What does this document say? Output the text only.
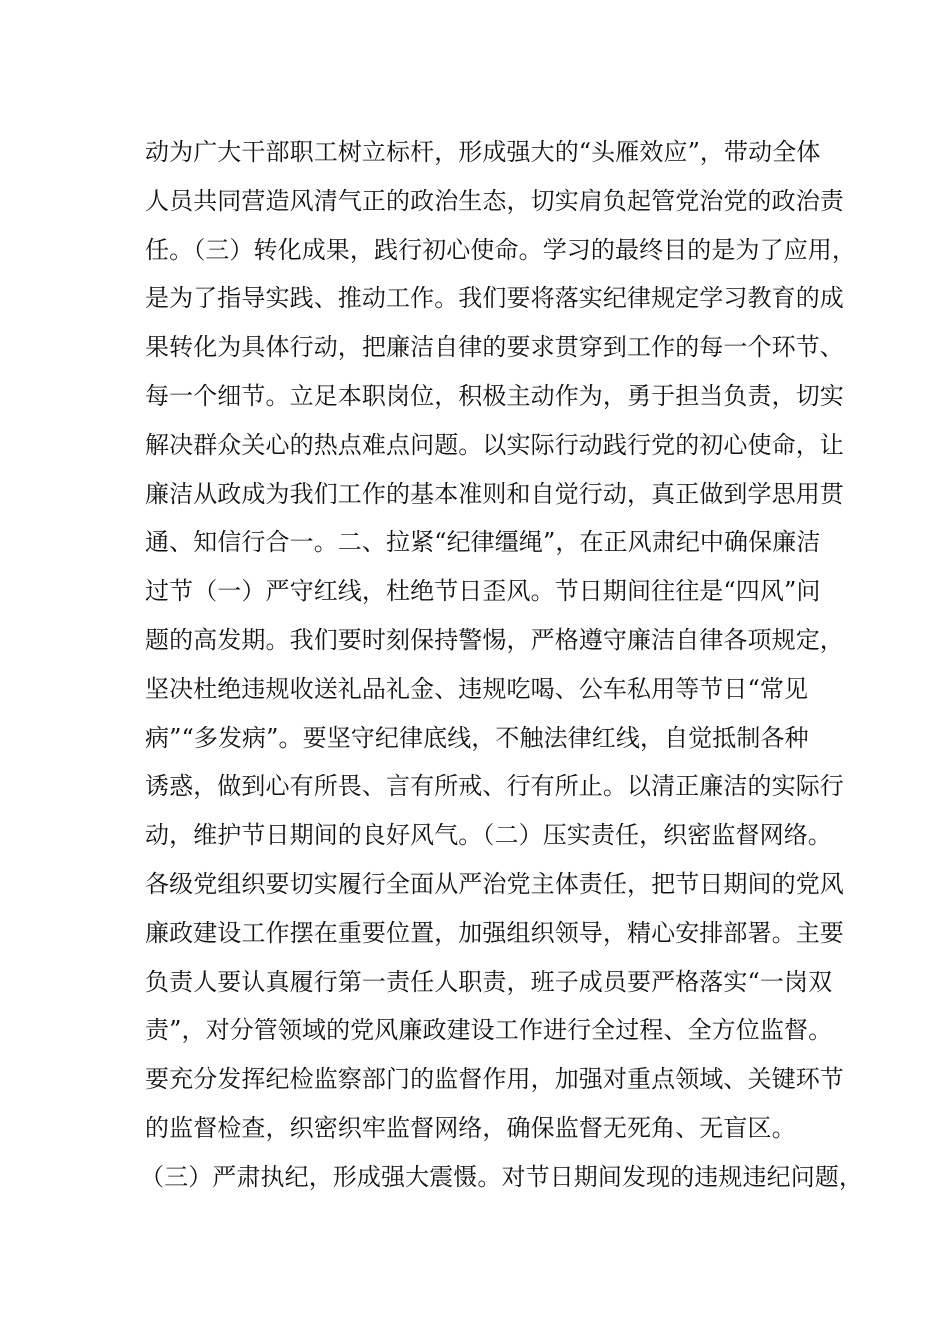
动为广大干部职工树立标杆，形成强大的“头雁效应”，带动全体
人员共同营造风清气正的政治生态，切实肩负起管党治党的政治责
任。（三）转化成果，践行初心使命。学习的最终目的是为了应用，
是为了指导实践、推动工作。我们要将落实纪律规定学习教育的成
果转化为具体行动，把廉洁自律的要求贯穿到工作的每一个环节、
每一个细节。立足本职岗位，积极主动作为，勇于担当负责，切实
解决群众关心的热点难点问题。以实际行动践行党的初心使命，让
廉洁从政成为我们工作的基本准则和自觉行动，真正做到学思用贯
通、知信行合一。二、拉紧“纪律缰绳”，在正风肃纪中确保廉洁
过节（一）严守红线，杜绝节日歪风。节日期间往往是“四风”问
题的高发期。我们要时刻保持警惕，严格遵守廉洁自律各项规定，
坚决杜绝违规收送礼品礼金、违规吃喝、公车私用等节日“常见
病”“多发病”。要坚守纪律底线，不触法律红线，自觉抵制各种
诱惑，做到心有所畏、言有所戒、行有所止。以清正廉洁的实际行
动，维护节日期间的良好风气。（二）压实责任，织密监督网络。
各级党组织要切实履行全面从严治党主体责任，把节日期间的党风
廉政建设工作摆在重要位置，加强组织领导，精心安排部署。主要
负责人要认真履行第一责任人职责，班子成员要严格落实“一岗双
责”，对分管领域的党风廉政建设工作进行全过程、全方位监督。
要充分发挥纪检监察部门的监督作用，加强对重点领域、关键环节
的监督检查，织密织牢监督网络，确保监督无死角、无盲区。
（三）严肃执纪，形成强大震慑。对节日期间发现的违规违纪问题，
